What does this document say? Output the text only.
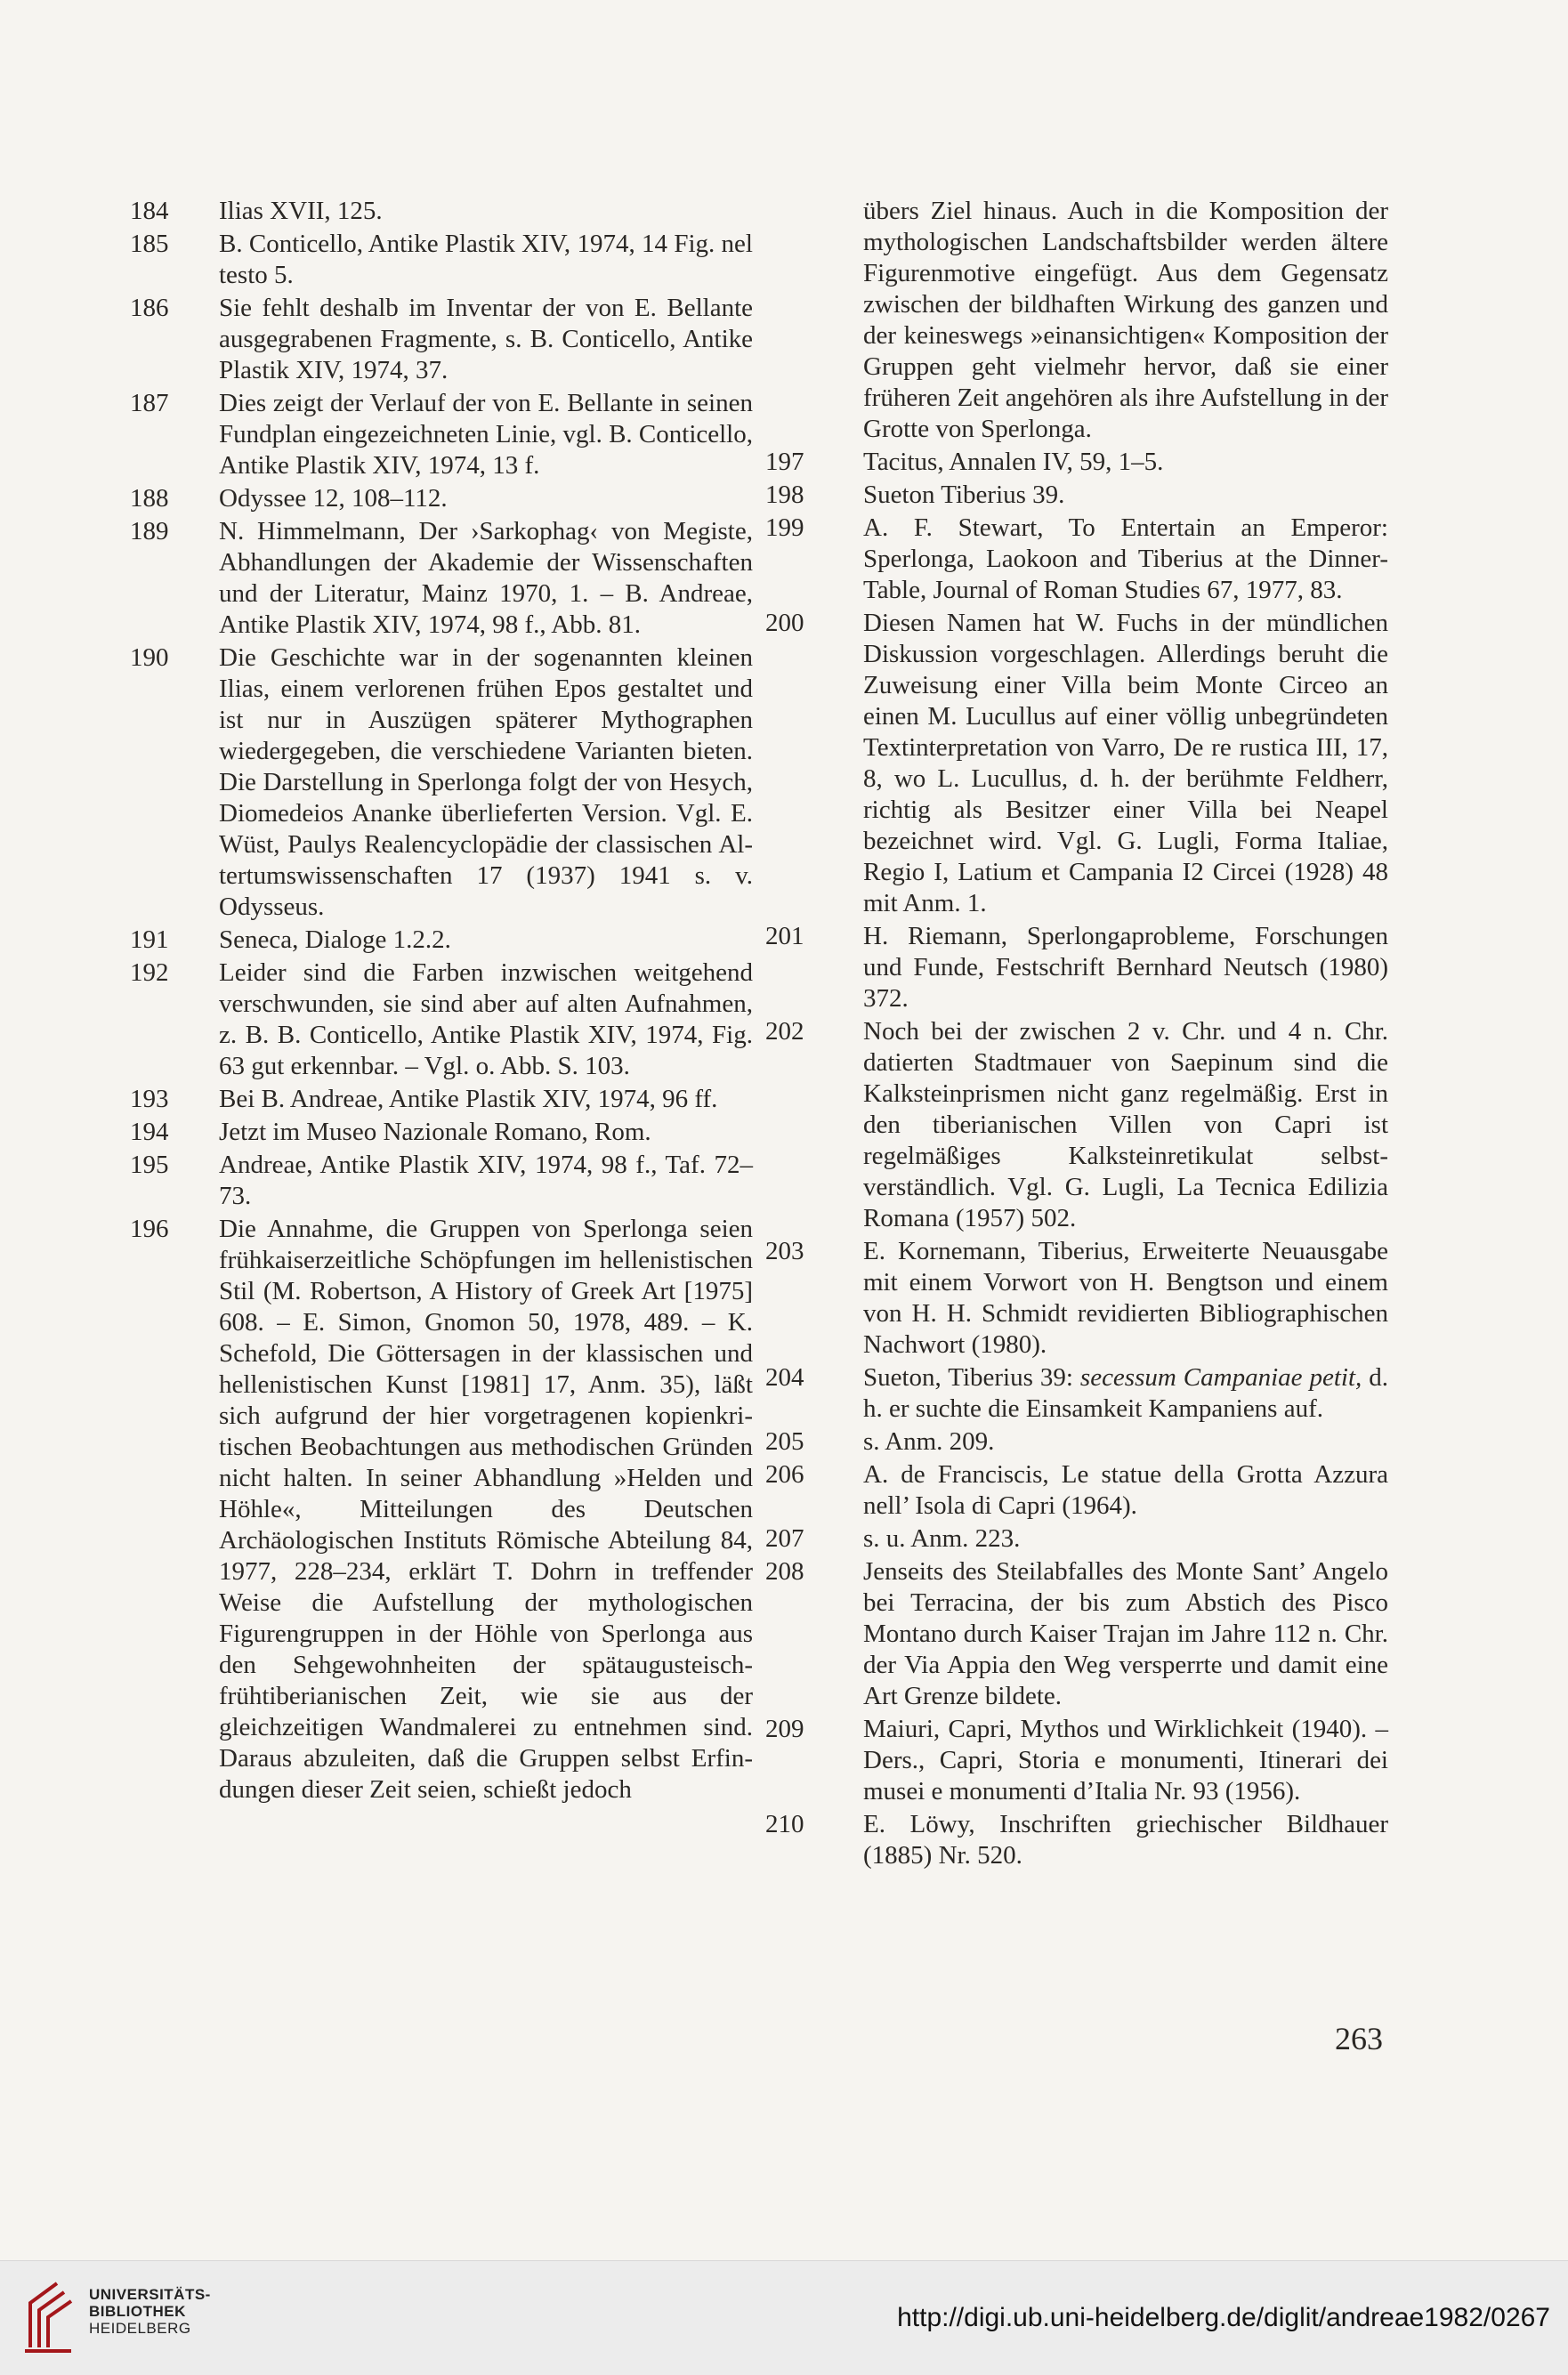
184	Ilias XVII, 125.
185	B. Conticello, Antike Plastik XIV, 1974, 14 Fig. nel testo 5.
186	Sie fehlt deshalb im Inventar der von E. Bellante ausgegrabenen Fragmente, s. B. Conticello, Antike Plastik XIV, 1974, 37.
187	Dies zeigt der Verlauf der von E. Bellante in seinen Fundplan eingezeichneten Linie, vgl. B. Conticello, Antike Plastik XIV, 1974, 13 f.
188	Odyssee 12, 108–112.
189	N. Himmelmann, Der ›Sarkophag‹ von Megiste, Abhandlungen der Akademie der Wissenschaften und der Literatur, Mainz 1970, 1. – B. Andreae, Antike Plastik XIV, 1974, 98 f., Abb. 81.
190	Die Geschichte war in der sogenannten kleinen Ilias, einem verlorenen frühen Epos gestaltet und ist nur in Auszügen späterer Mythographen wiedergegeben, die verschiedene Varianten bieten. Die Darstellung in Sperlonga folgt der von Hesych, Diomedeios Ananke überlieferten Version. Vgl. E. Wüst, Paulys Realencyclopädie der classischen Altertumswissenschaften 17 (1937) 1941 s. v. Odysseus.
191	Seneca, Dialoge 1.2.2.
192	Leider sind die Farben inzwischen weitgehend verschwunden, sie sind aber auf alten Aufnahmen, z. B. B. Conticello, Antike Plastik XIV, 1974, Fig. 63 gut erkennbar. – Vgl. o. Abb. S. 103.
193	Bei B. Andreae, Antike Plastik XIV, 1974, 96 ff.
194	Jetzt im Museo Nazionale Romano, Rom.
195	Andreae, Antike Plastik XIV, 1974, 98 f., Taf. 72–73.
196	Die Annahme, die Gruppen von Sperlonga seien frühkaiserzeitliche Schöpfungen im hellenistischen Stil (M. Robertson, A History of Greek Art [1975] 608. – E. Simon, Gnomon 50, 1978, 489. – K. Schefold, Die Göttersagen in der klassischen und hellenistischen Kunst [1981] 17, Anm. 35), läßt sich aufgrund der hier vorgetragenen kopienkritischen Beobachtungen aus methodischen Gründen nicht halten. In seiner Abhandlung »Helden und Höhle«, Mitteilungen des Deutschen Archäologischen Instituts Römische Abteilung 84, 1977, 228–234, erklärt T. Dohrn in treffender Weise die Aufstellung der mythologischen Figurengruppen in der Höhle von Sperlonga aus den Sehgewohnheiten der spätaugusteisch-frühtiberianischen Zeit, wie sie aus der gleichzeitigen Wandmalerei zu entnehmen sind. Daraus abzuleiten, daß die Gruppen selbst Erfindungen dieser Zeit seien, schießt jedoch
übers Ziel hinaus. Auch in die Komposition der mythologischen Landschaftsbilder werden ältere Figurenmotive eingefügt. Aus dem Gegensatz zwischen der bildhaften Wirkung des ganzen und der keineswegs »einansichtigen« Komposition der Gruppen geht vielmehr hervor, daß sie einer früheren Zeit angehören als ihre Aufstellung in der Grotte von Sperlonga.
197	Tacitus, Annalen IV, 59, 1–5.
198	Sueton Tiberius 39.
199	A. F. Stewart, To Entertain an Emperor: Sperlonga, Laokoon and Tiberius at the Dinner-Table, Journal of Roman Studies 67, 1977, 83.
200	Diesen Namen hat W. Fuchs in der mündlichen Diskussion vorgeschlagen. Allerdings beruht die Zuweisung einer Villa beim Monte Circeo an einen M. Lucullus auf einer völlig unbegründeten Textinterpretation von Varro, De re rustica III, 17, 8, wo L. Lucullus, d. h. der berühmte Feldherr, richtig als Besitzer einer Villa bei Neapel bezeichnet wird. Vgl. G. Lugli, Forma Italiae, Regio I, Latium et Campania I2 Circei (1928) 48 mit Anm. 1.
201	H. Riemann, Sperlongaprobleme, Forschungen und Funde, Festschrift Bernhard Neutsch (1980) 372.
202	Noch bei der zwischen 2 v. Chr. und 4 n. Chr. datierten Stadtmauer von Saepinum sind die Kalksteinprismen nicht ganz regelmäßig. Erst in den tiberianischen Villen von Capri ist regelmäßiges Kalksteinretikulat selbstverständlich. Vgl. G. Lugli, La Tecnica Edilizia Romana (1957) 502.
203	E. Kornemann, Tiberius, Erweiterte Neuausgabe mit einem Vorwort von H. Bengtson und einem von H. H. Schmidt revidierten Bibliographischen Nachwort (1980).
204	Sueton, Tiberius 39: secessum Campaniae petit, d. h. er suchte die Einsamkeit Kampaniens auf.
205	s. Anm. 209.
206	A. de Franciscis, Le statue della Grotta Azzura nell’ Isola di Capri (1964).
207	s. u. Anm. 223.
208	Jenseits des Steilabfalles des Monte Sant’ Angelo bei Terracina, der bis zum Abstich des Pisco Montano durch Kaiser Trajan im Jahre 112 n. Chr. der Via Appia den Weg versperrte und damit eine Art Grenze bildete.
209	Maiuri, Capri, Mythos und Wirklichkeit (1940). – Ders., Capri, Storia e monumenti, Itinerari dei musei e monumenti d’Italia Nr. 93 (1956).
210	E. Löwy, Inschriften griechischer Bildhauer (1885) Nr. 520.
263
UNIVERSITÄTS-
BIBLIOTHEK
HEIDELBERG	http://digi.ub.uni-heidelberg.de/diglit/andreae1982/0267
